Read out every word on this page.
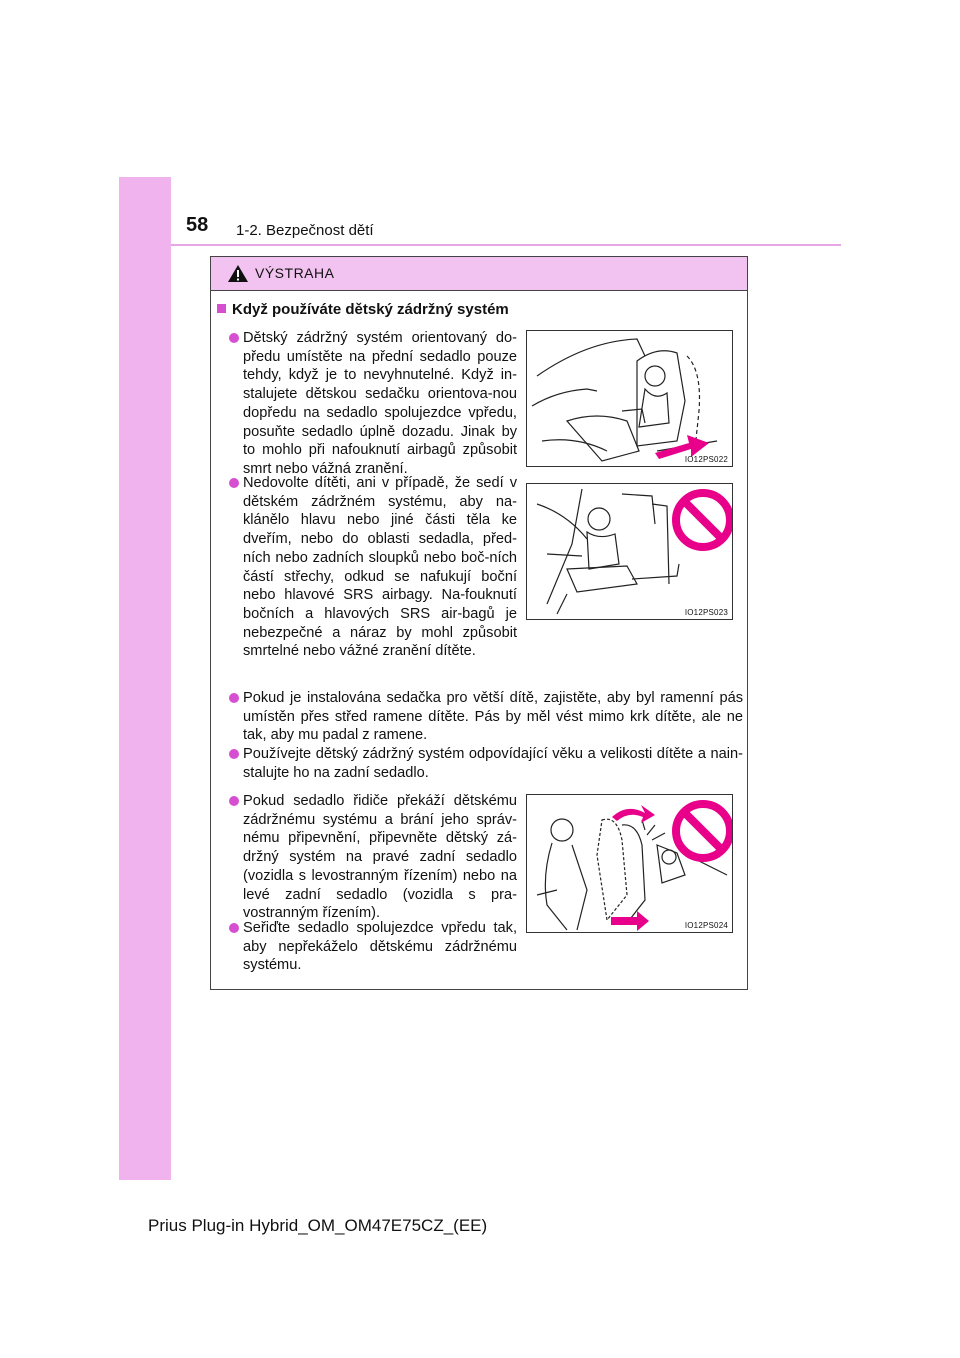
58 1-2. Bezpečnost dětí
VÝSTRAHA
Když používáte dětský zádržný systém
Dětský zádržný systém orientovaný do-předu umístěte na přední sedadlo pouze tehdy, když je to nevyhnutelné. Když in-stalujete dětskou sedačku orientova-nou dopředu na sedadlo spolujezdce vpředu, posuňte sedadlo úplně dozadu. Jinak by to mohlo při nafouknutí airbagů způsobit smrt nebo vážná zranění.
IO12PS022
Nedovolte dítěti, ani v případě, že sedí v dětském zádržném systému, aby na-klánělo hlavu nebo jiné části těla ke dveřím, nebo do oblasti sedadla, před-ních nebo zadních sloupků nebo boč-ních částí střechy, odkud se nafukují boční nebo hlavové SRS airbagy. Na-fouknutí bočních a hlavových SRS air-bagů je nebezpečné a náraz by mohl způsobit smrtelné nebo vážné zranění dítěte.
IO12PS023
Pokud je instalována sedačka pro větší dítě, zajistěte, aby byl ramenní pás umístěn přes střed ramene dítěte. Pás by měl vést mimo krk dítěte, ale ne tak, aby mu padal z ramene.
Používejte dětský zádržný systém odpovídající věku a velikosti dítěte a nain-stalujte ho na zadní sedadlo.
Pokud sedadlo řidiče překáží dětskému zádržnému systému a brání jeho správ-nému připevnění, připevněte dětský zá-držný systém na pravé zadní sedadlo (vozidla s levostranným řízením) nebo na levé zadní sedadlo (vozidla s pra-vostranným řízením).
Seřiďte sedadlo spolujezdce vpředu tak, aby nepřekáželo dětskému zádržnému systému.
IO12PS024
Prius Plug-in Hybrid_OM_OM47E75CZ_(EE)
